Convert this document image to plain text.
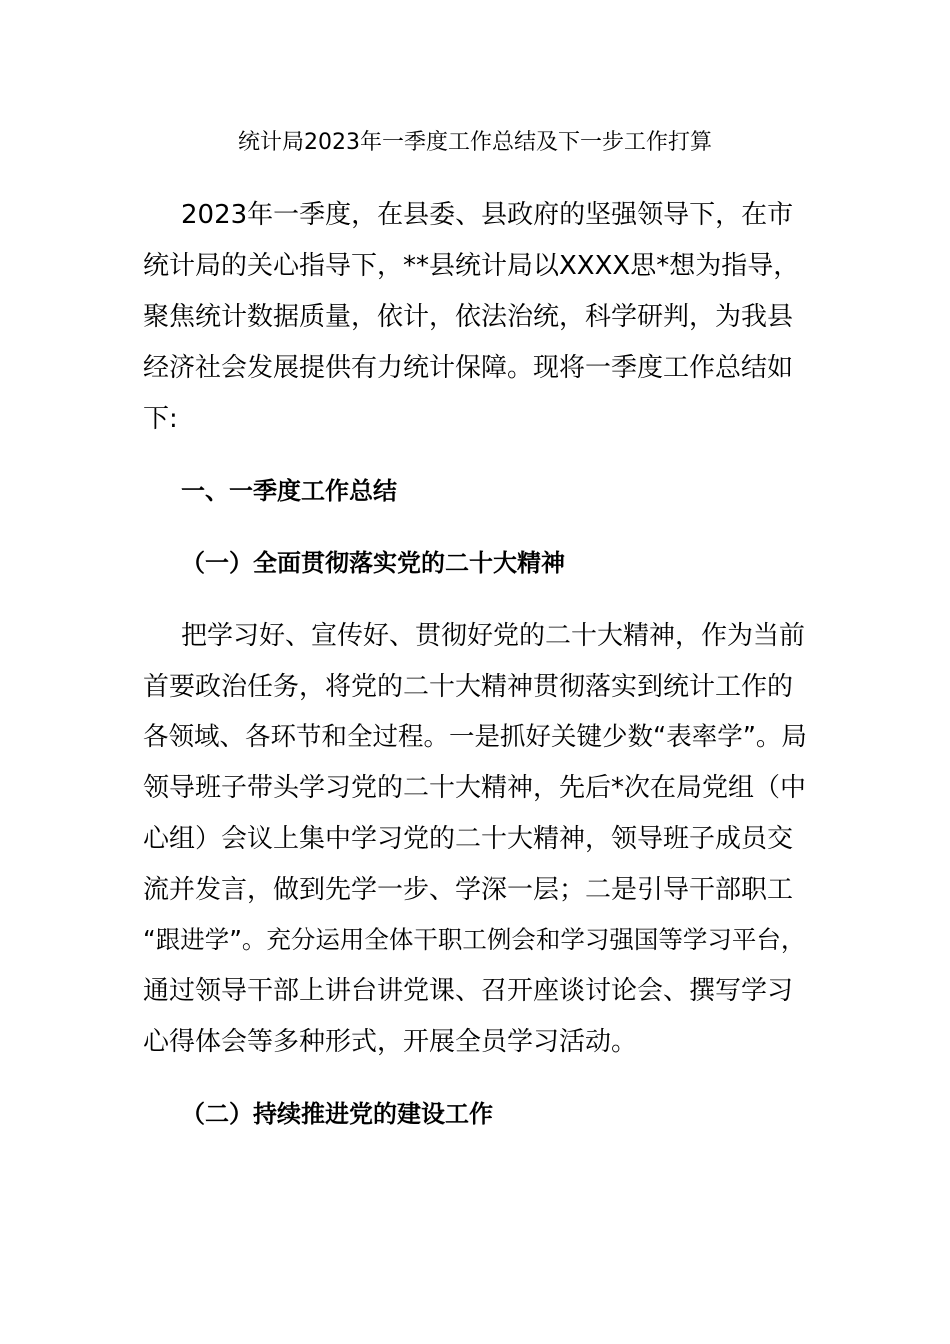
统计局2023年一季度工作总结及下一步工作打算
2023年一季度，在县委、县政府的坚强领导下，在市
统计局的关心指导下，**县统计局以XXXX思*想为指导，
聚焦统计数据质量，依计，依法治统，科学研判，为我县
经济社会发展提供有力统计保障。现将一季度工作总结如
下:
一、一季度工作总结
（一）全面贯彻落实党的二十大精神
把学习好、宣传好、贯彻好党的二十大精神，作为当前
首要政治任务，将党的二十大精神贯彻落实到统计工作的
各领域、各环节和全过程。一是抓好关键少数“表率学”。局
领导班子带头学习党的二十大精神，先后*次在局党组（中
心组）会议上集中学习党的二十大精神，领导班子成员交
流并发言，做到先学一步、学深一层；二是引导干部职工
“跟进学”。充分运用全体干职工例会和学习强国等学习平台，
通过领导干部上讲台讲党课、召开座谈讨论会、撰写学习
心得体会等多种形式，开展全员学习活动。
（二）持续推进党的建设工作
